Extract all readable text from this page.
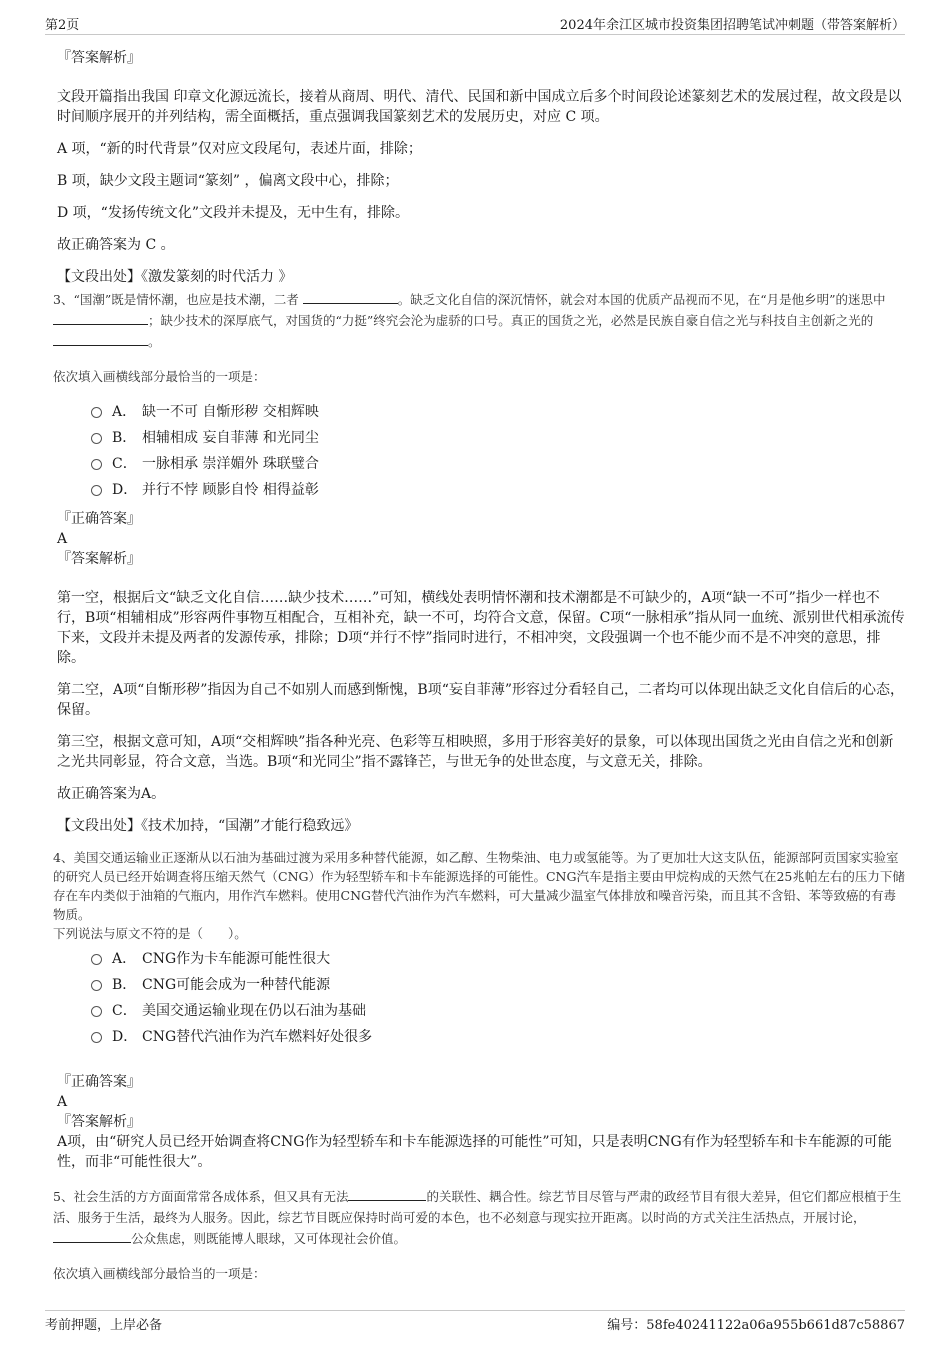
第2页	2024年余江区城市投资集团招聘笔试冲刺题（带答案解析）

『答案解析』

文段开篇指出我国 印章文化源远流长，接着从商周、明代、清代、民国和新中国成立后多个时间段论述篆刻艺术的发展过程，故文段是以时间顺序展开的并列结构，需全面概括，重点强调我国篆刻艺术的发展历史，对应 C 项。

A 项，“新的时代背景”仅对应文段尾句，表述片面，排除；

B 项，缺少文段主题词“篆刻” ，偏离文段中心，排除；

D 项，“发扬传统文化”文段并未提及，无中生有，排除。

故正确答案为 C 。

【文段出处】《激发篆刻的时代活力 》

3、“国潮”既是情怀潮，也应是技术潮，二者	。缺乏文化自信的深沉情怀，就会对本国的优质产品视而不见，在“月是他乡明”的迷思中 ；缺少技术的深厚底气，对国货的“力挺”终究会沦为虚骄的口号。真正的国货之光，必然是民族自豪自信之光与科技自主创新之光的 。

依次填入画横线部分最恰当的一项是：

A． 缺一不可 自惭形秽 交相辉映
B． 相辅相成 妄自菲薄 和光同尘
C． 一脉相承 崇洋媚外 珠联璧合
D． 并行不悖 顾影自怜 相得益彰

『正确答案』

A

『答案解析』

第一空，根据后文“缺乏文化自信……缺少技术……”可知，横线处表明情怀潮和技术潮都是不可缺少的，A项“缺一不可”指少一样也不行，B项“相辅相成”形容两件事物互相配合，互相补充，缺一不可，均符合文意，保留。C项“一脉相承”指从同一血统、派别世代相承流传下来，文段并未提及两者的发源传承，排除；D项“并行不悖”指同时进行，不相冲突，文段强调一个也不能少而不是不冲突的意思，排除。

第二空，A项“自惭形秽”指因为自己不如别人而感到惭愧，B项“妄自菲薄”形容过分看轻自己，二者均可以体现出缺乏文化自信后的心态，保留。

第三空，根据文意可知，A项“交相辉映”指各种光亮、色彩等互相映照，多用于形容美好的景象，可以体现出国货之光由自信之光和创新之光共同彰显，符合文意，当选。B项“和光同尘”指不露锋芒，与世无争的处世态度，与文意无关，排除。

故正确答案为A。

【文段出处】《技术加持，“国潮”才能行稳致远》

4、美国交通运输业正逐渐从以石油为基础过渡为采用多种替代能源，如乙醇、生物柴油、电力或氢能等。为了更加壮大这支队伍，能源部阿贡国家实验室的研究人员已经开始调查将压缩天然气（CNG）作为轻型轿车和卡车能源选择的可能性。CNG汽车是指主要由甲烷构成的天然气在25兆帕左右的压力下储存在车内类似于油箱的气瓶内，用作汽车燃料。使用CNG替代汽油作为汽车燃料，可大量减少温室气体排放和噪音污染，而且其不含铅、苯等致癌的有毒物质。

下列说法与原文不符的是（　　）。

A． CNG作为卡车能源可能性很大
B． CNG可能会成为一种替代能源
C． 美国交通运输业现在仍以石油为基础
D． CNG替代汽油作为汽车燃料好处很多

『正确答案』

A

『答案解析』

A项，由“研究人员已经开始调查将CNG作为轻型轿车和卡车能源选择的可能性”可知，只是表明CNG有作为轻型轿车和卡车能源的可能性，而非“可能性很大”。

5、社会生活的方方面面常常各成体系，但又具有无法	的关联性、耦合性。综艺节目尽管与严肃的政经节目有很大差异，但它们都应根植于生活、服务于生活，最终为人服务。因此，综艺节目既应保持时尚可爱的本色，也不必刻意与现实拉开距离。以时尚的方式关注生活热点，开展讨论，公众焦虑，则既能博人眼球，又可体现社会价值。

依次填入画横线部分最恰当的一项是：

考前押题，上岸必备	编号：58fe40241122a06a955b661d87c58867
